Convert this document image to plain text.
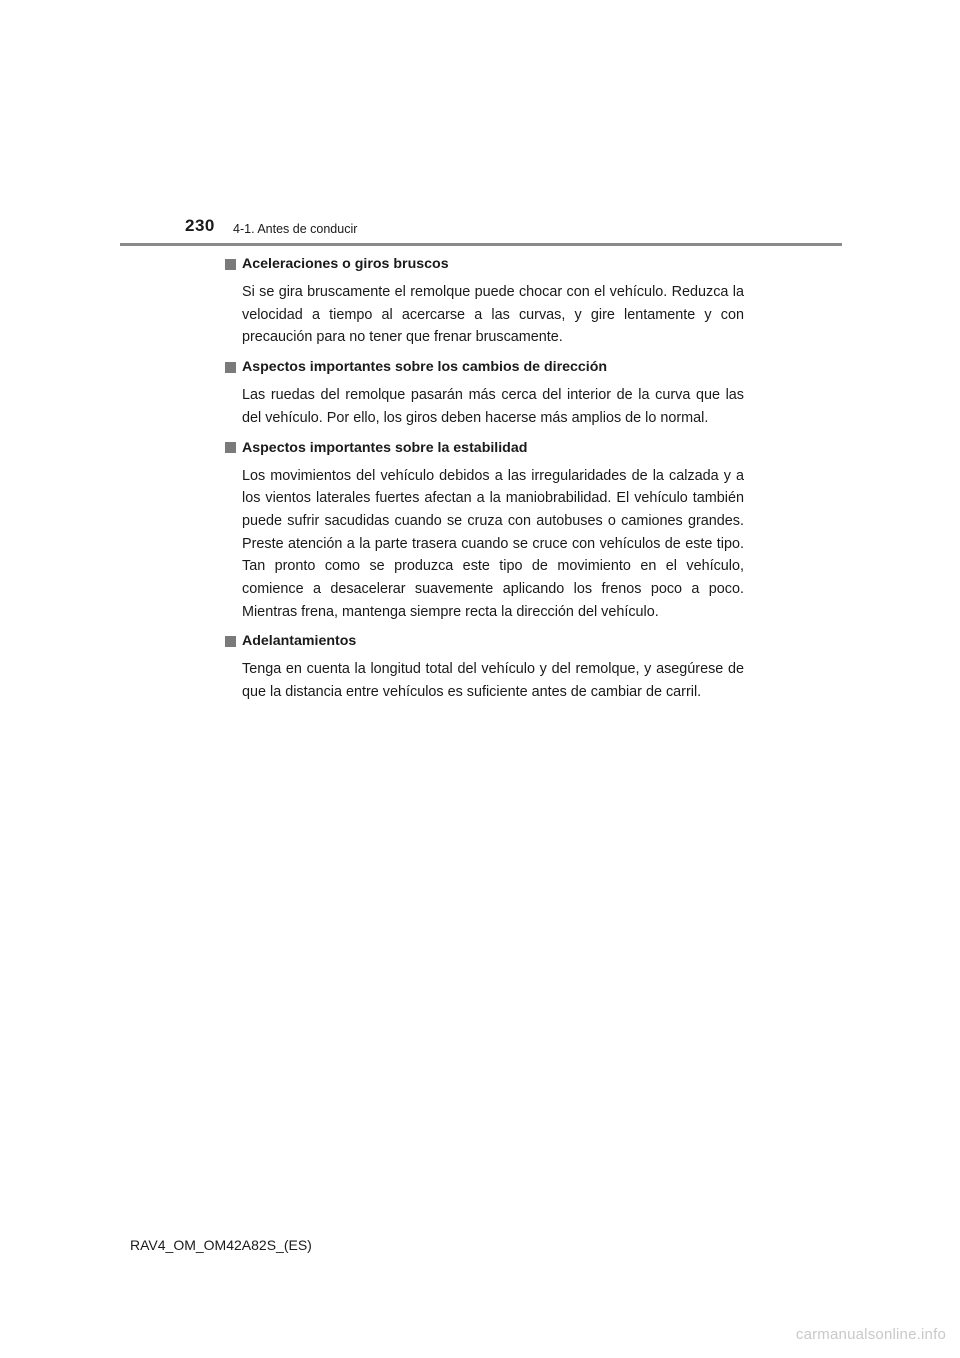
230 4-1. Antes de conducir
Aceleraciones o giros bruscos
Si se gira bruscamente el remolque puede chocar con el vehículo. Reduzca la velocidad a tiempo al acercarse a las curvas, y gire lentamente y con precaución para no tener que frenar bruscamente.
Aspectos importantes sobre los cambios de dirección
Las ruedas del remolque pasarán más cerca del interior de la curva que las del vehículo. Por ello, los giros deben hacerse más amplios de lo normal.
Aspectos importantes sobre la estabilidad
Los movimientos del vehículo debidos a las irregularidades de la calzada y a los vientos laterales fuertes afectan a la maniobrabilidad. El vehículo también puede sufrir sacudidas cuando se cruza con autobuses o camiones grandes. Preste atención a la parte trasera cuando se cruce con vehículos de este tipo. Tan pronto como se produzca este tipo de movimiento en el vehículo, comience a desacelerar suavemente aplicando los frenos poco a poco. Mientras frena, mantenga siempre recta la dirección del vehículo.
Adelantamientos
Tenga en cuenta la longitud total del vehículo y del remolque, y asegúrese de que la distancia entre vehículos es suficiente antes de cambiar de carril.
RAV4_OM_OM42A82S_(ES)
carmanualsonline.info
